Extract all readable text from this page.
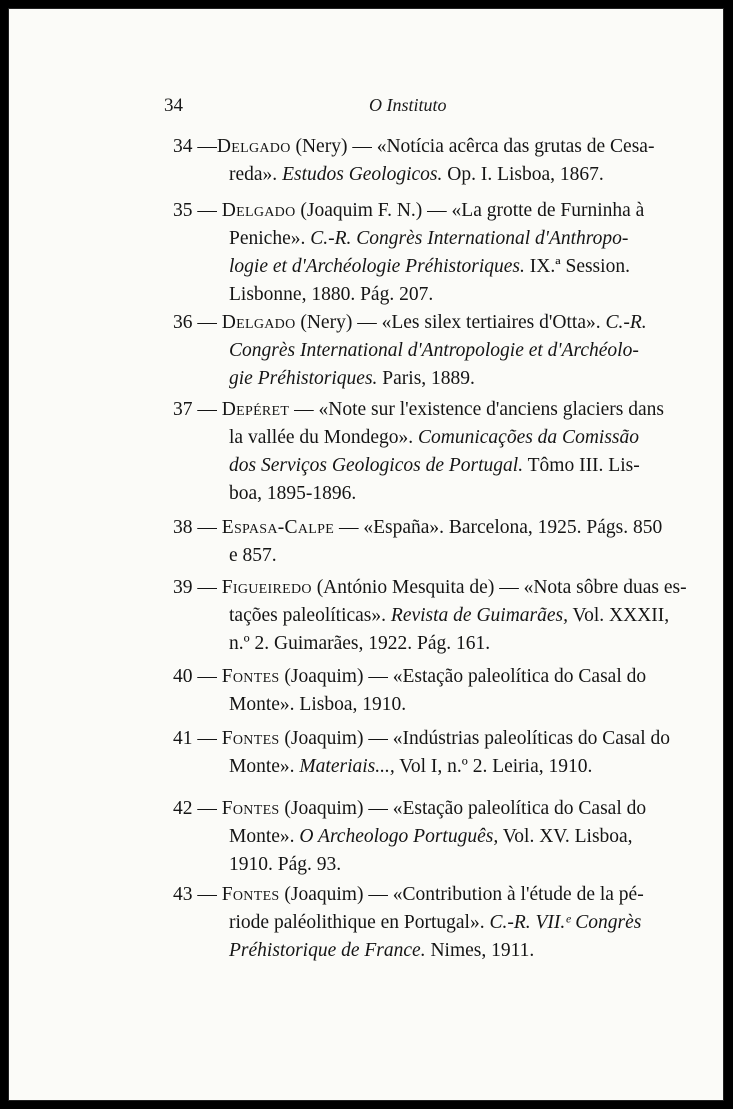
34	O Instituto
34 —Delgado (Nery) — «Notícia acêrca das grutas de Cesa-
reda». Estudos Geologicos. Op. I. Lisboa, 1867.
35 — Delgado (Joaquim F. N.) — «La grotte de Furninha à
Peniche». C.-R. Congrès International d'Anthropo-
logie et d'Archéologie Préhistoriques. IX.ª Session.
Lisbonne, 1880. Pág. 207.
36 — Delgado (Nery) — «Les silex tertiaires d'Otta». C.-R.
Congrès International d'Antropologie et d'Archéolo-
gie Préhistoriques. Paris, 1889.
37 — Depéret — «Note sur l'existence d'anciens glaciers dans
la vallée du Mondego». Comunicações da Comissão
dos Serviços Geologicos de Portugal. Tômo III. Lis-
boa, 1895-1896.
38 — Espasa-Calpe — «España». Barcelona, 1925. Págs. 850
e 857.
39 — Figueiredo (António Mesquita de) — «Nota sôbre duas es-
tações paleolíticas». Revista de Guimarães, Vol. XXXII,
n.º 2. Guimarães, 1922. Pág. 161.
40 — Fontes (Joaquim) — «Estação paleolítica do Casal do
Monte». Lisboa, 1910.
41 — Fontes (Joaquim) — «Indústrias paleolíticas do Casal do
Monte». Materiais..., Vol I, n.º 2. Leiria, 1910.
42 — Fontes (Joaquim) — «Estação paleolítica do Casal do
Monte». O Archeologo Português, Vol. XV. Lisboa,
1910. Pág. 93.
43 — Fontes (Joaquim) — «Contribution à l'étude de la pé-
riode paléolithique en Portugal». C.-R. VII.ᵉ Congrès
Préhistorique de France. Nimes, 1911.
